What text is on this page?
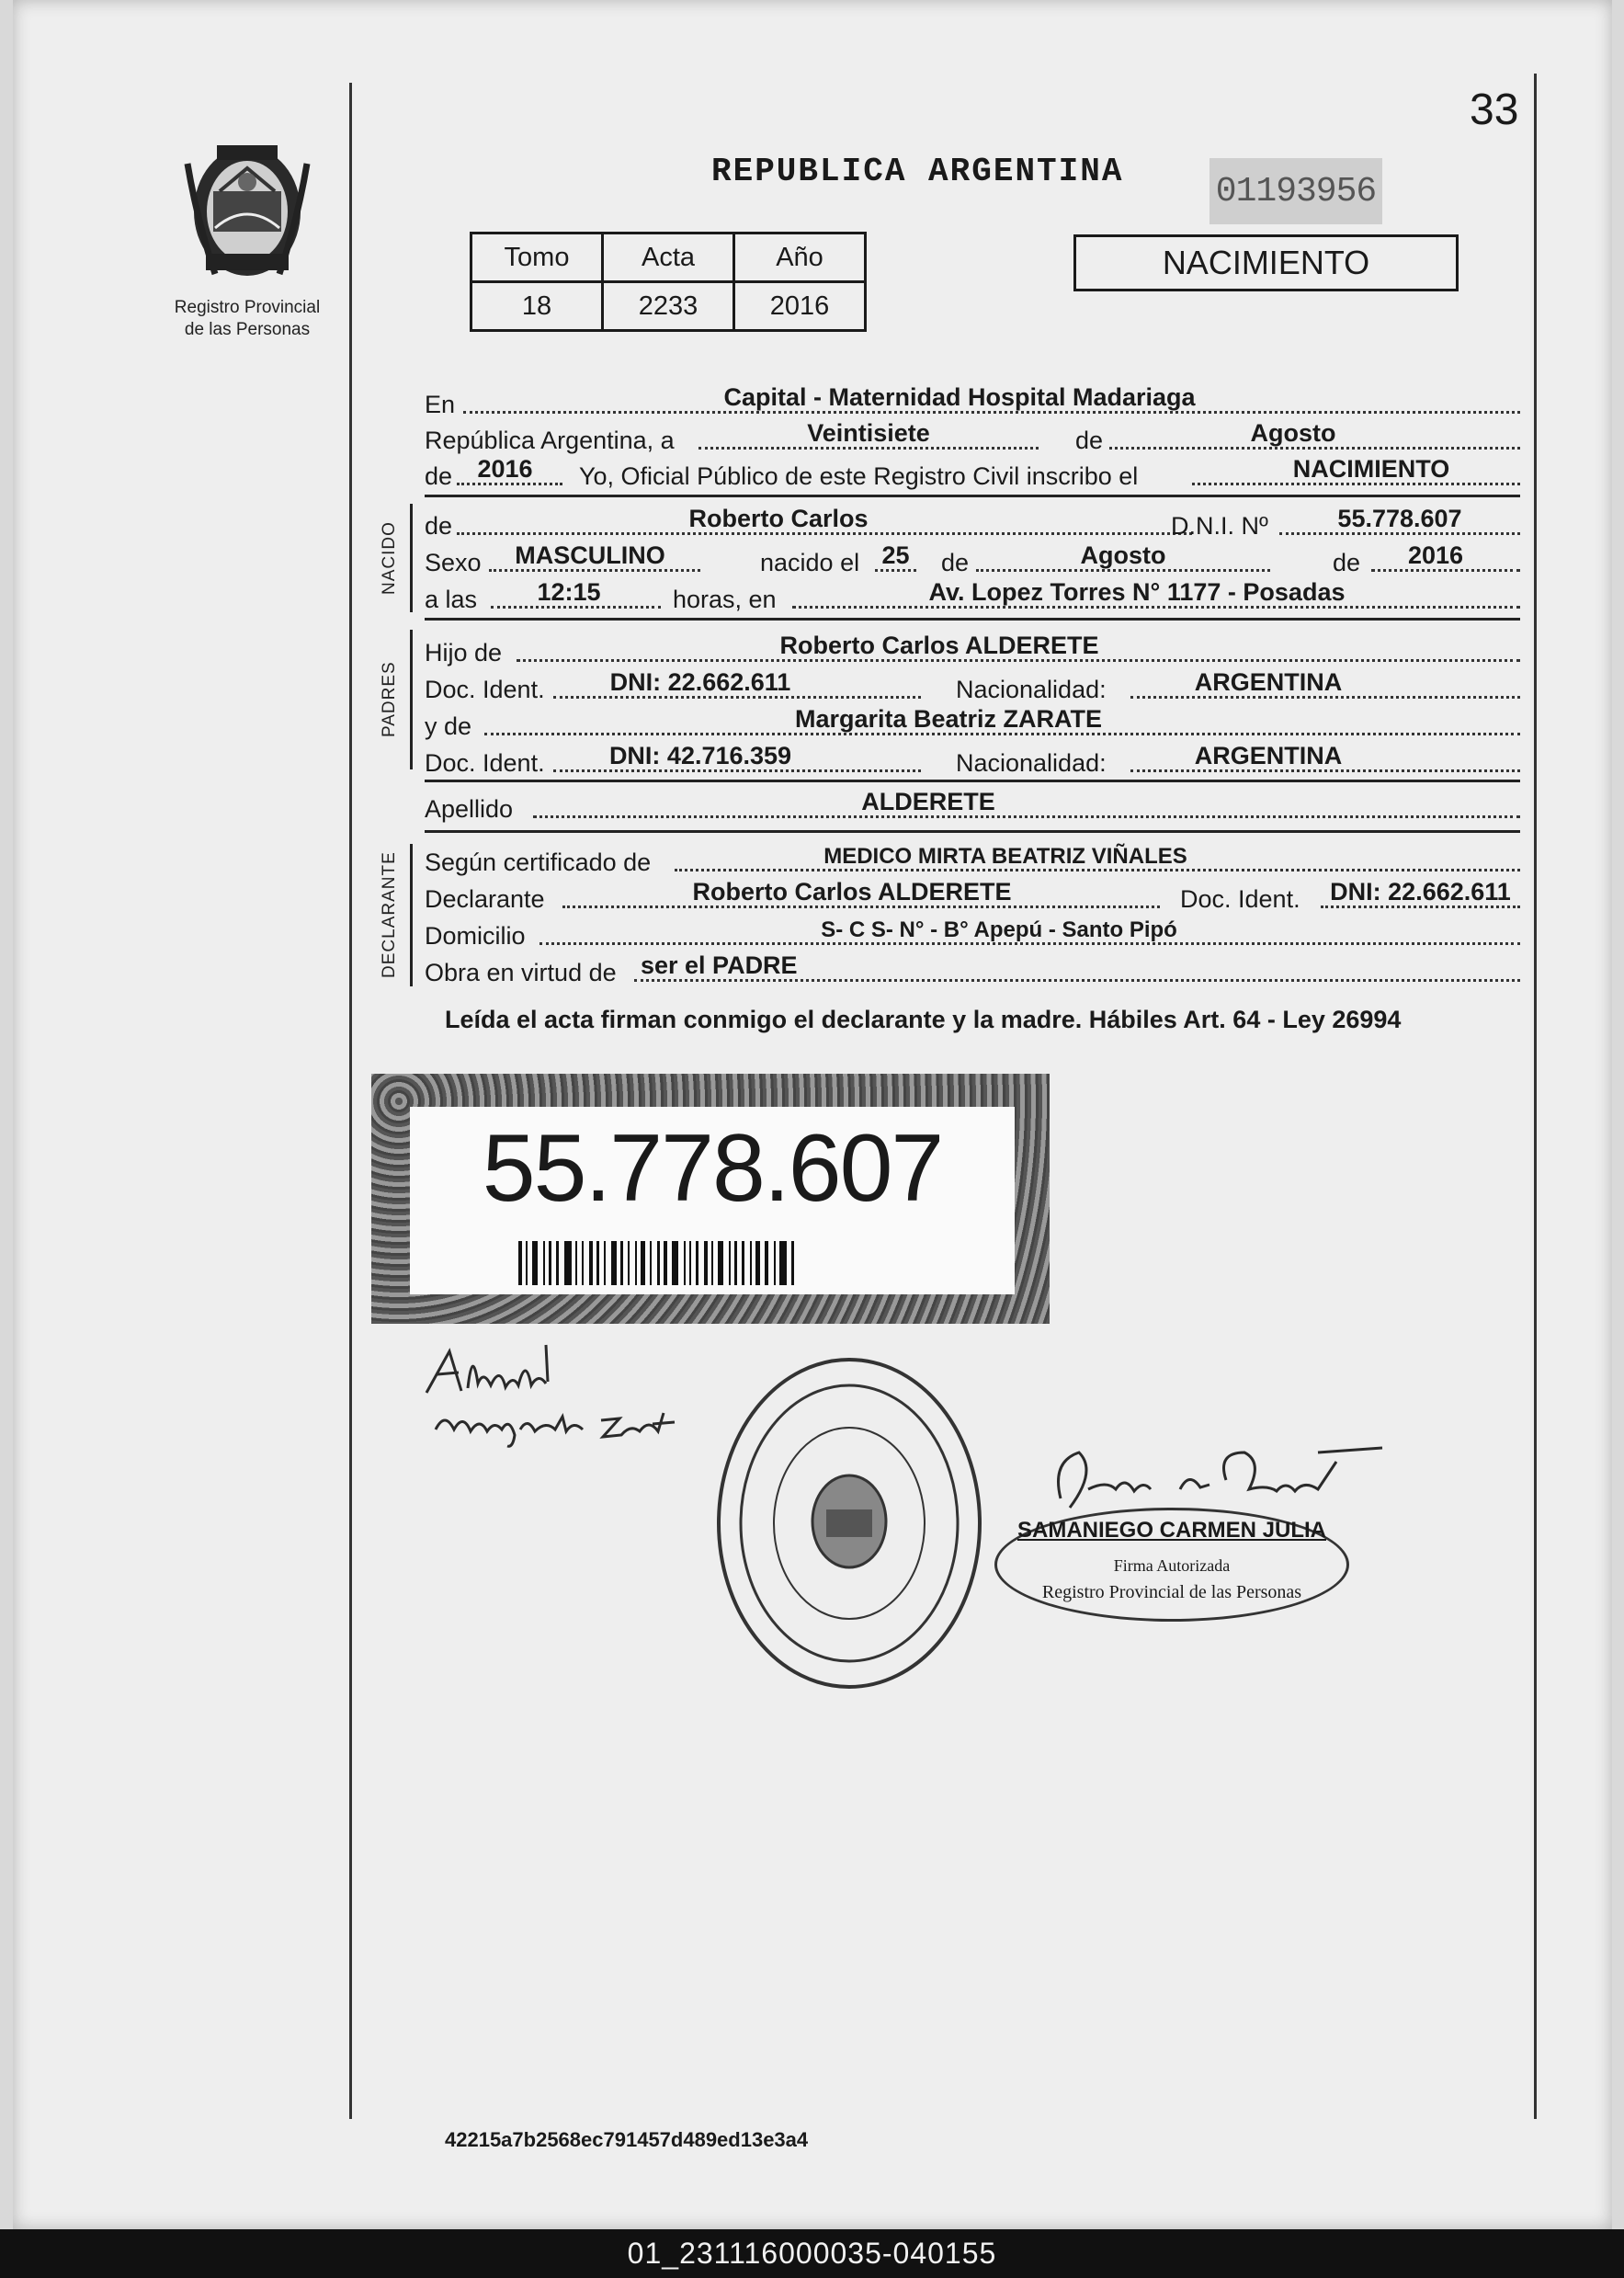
Registro Provincial
de las Personas
33
REPUBLICA ARGENTINA	01193956
Tomo	Acta	Año
18	2233	2016
NACIMIENTO
En	Capital - Maternidad Hospital Madariaga
República Argentina, a	Veintisiete	de	Agosto
de	2016	Yo, Oficial Público de este Registro Civil inscribo el	NACIMIENTO
NACIDO	de	Roberto Carlos	D.N.I. Nº	55.778.607
Sexo	MASCULINO	nacido el 25 de	Agosto	de	2016
a las	12:15	horas, en	Av. Lopez Torres N° 1177 - Posadas
PADRES
Hijo de	Roberto Carlos ALDERETE
Doc. Ident.	DNI: 22.662.611	Nacionalidad:	ARGENTINA
y de	Margarita Beatriz ZARATE
Doc. Ident.	DNI: 42.716.359	Nacionalidad:	ARGENTINA
Apellido	ALDERETE
DECLARANTE	Según certificado de	MEDICO MIRTA BEATRIZ VIÑALES
Declarante	Roberto Carlos ALDERETE	Doc. Ident.	DNI: 22.662.611
Domicilio	S- C S- N° - B° Apepú - Santo Pipó
Obra en virtud de ser el PADRE
Leída el acta firman conmigo el declarante y la madre. Hábiles Art. 64 - Ley 26994
55.778.607
SAMANIEGO CARMEN JULIA
Firma Autorizada
Registro Provincial de las Personas
42215a7b2568ec791457d489ed13e3a4
01_231116000035-040155
